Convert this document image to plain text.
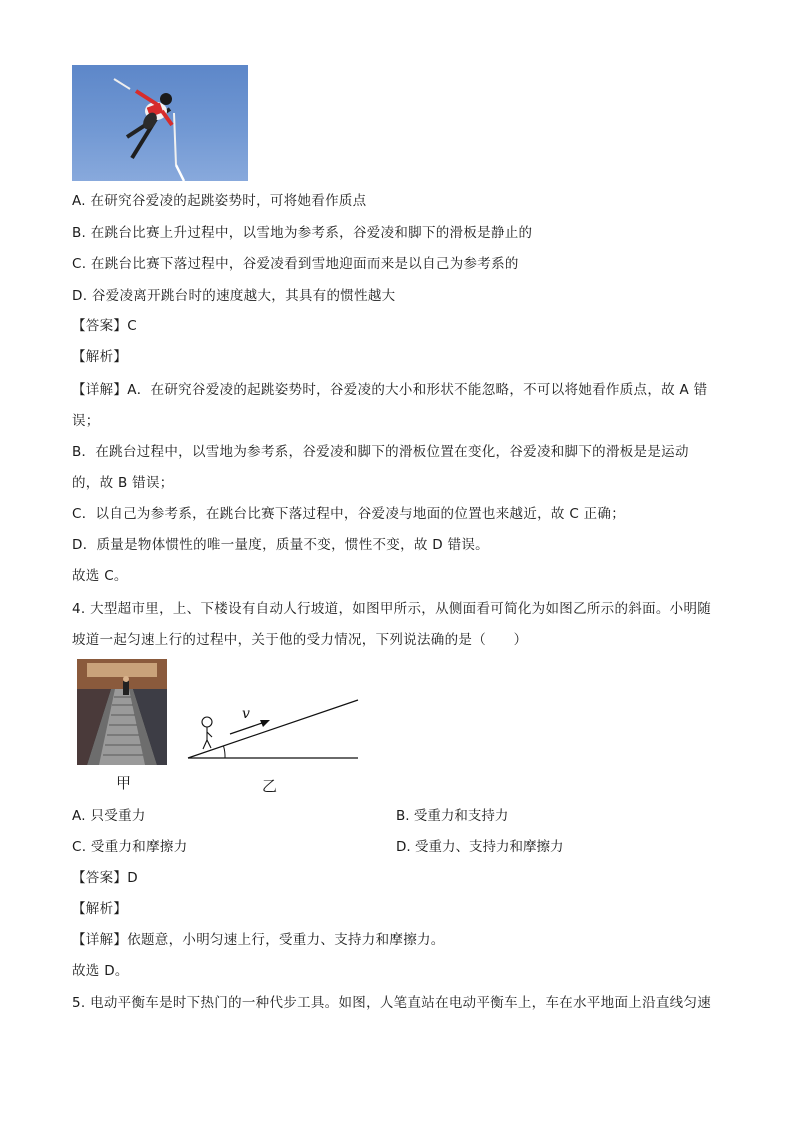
A. 在研究谷爱凌的起跳姿势时，可将她看作质点
B. 在跳台比赛上升过程中，以雪地为参考系，谷爱凌和脚下的滑板是静止的
C. 在跳台比赛下落过程中，谷爱凌看到雪地迎面而来是以自己为参考系的
D. 谷爱凌离开跳台时的速度越大，其具有的惯性越大
【答案】C
【解析】
【详解】A．在研究谷爱凌的起跳姿势时，谷爱凌的大小和形状不能忽略，不可以将她看作质点，故 A 错
误；
B．在跳台过程中，以雪地为参考系，谷爱凌和脚下的滑板位置在变化，谷爱凌和脚下的滑板是是运动
的，故 B 错误；
C．以自己为参考系，在跳台比赛下落过程中，谷爱凌与地面的位置也来越近，故 C 正确；
D．质量是物体惯性的唯一量度，质量不变，惯性不变，故 D 错误。
故选 C。
4. 大型超市里，上、下楼设有自动人行坡道，如图甲所示，从侧面看可简化为如图乙所示的斜面。小明随
坡道一起匀速上行的过程中，关于他的受力情况，下列说法确的是（　　）
甲
v
乙
A. 只受重力	B. 受重力和支持力
C. 受重力和摩擦力	D. 受重力、支持力和摩擦力
【答案】D
【解析】
【详解】依题意，小明匀速上行，受重力、支持力和摩擦力。
故选 D。
5. 电动平衡车是时下热门的一种代步工具。如图，人笔直站在电动平衡车上，车在水平地面上沿直线匀速
